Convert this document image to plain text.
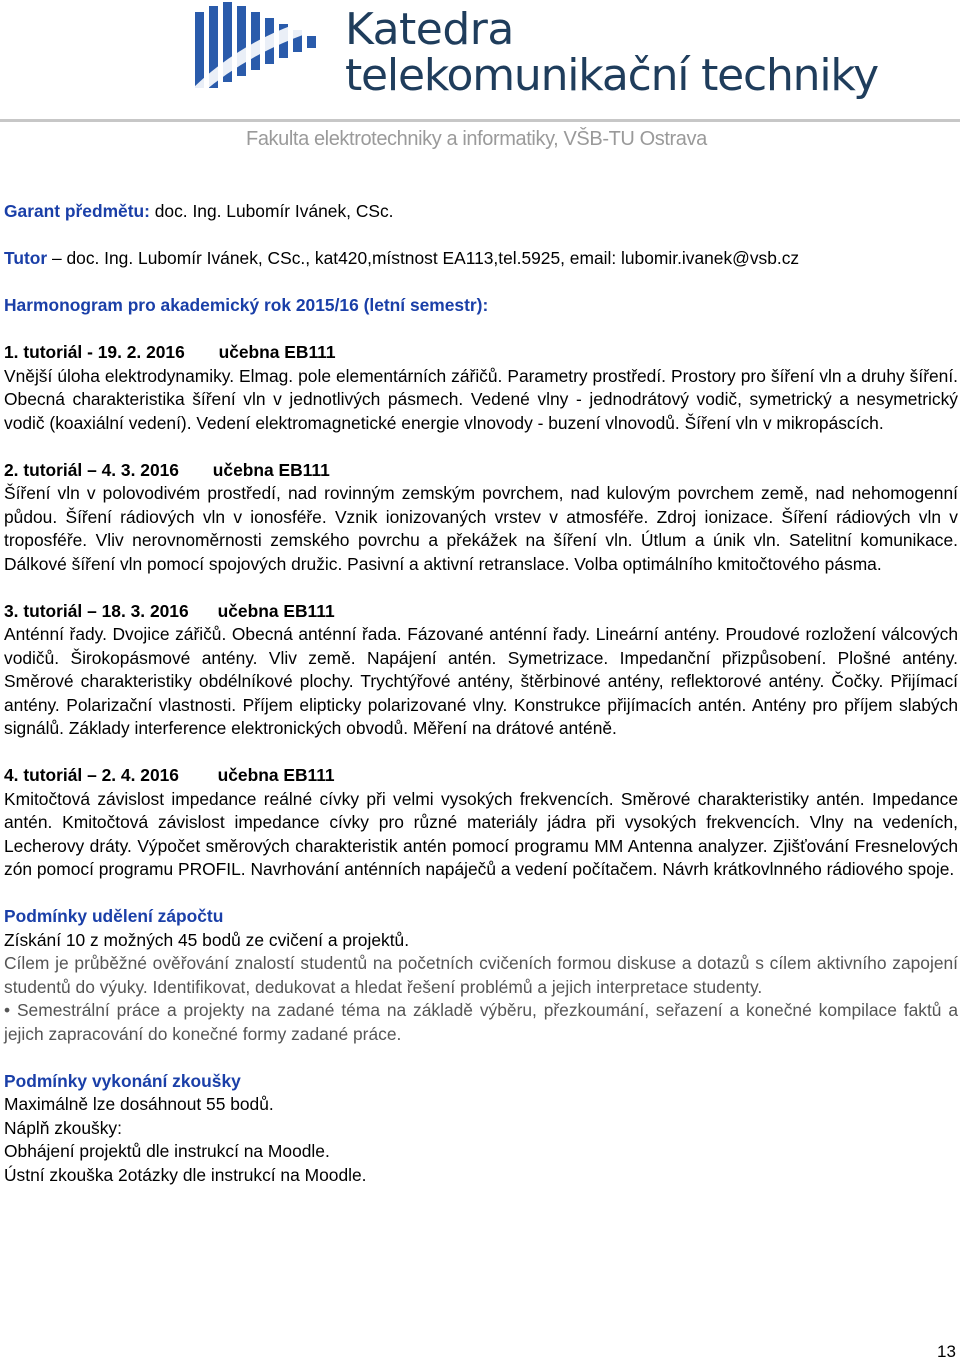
Katedra
telekomunikační techniky
Fakulta elektrotechniky a informatiky, VŠB-TU Ostrava

Garant předmětu: doc. Ing. Lubomír Ivánek, CSc.

Tutor – doc. Ing. Lubomír Ivánek, CSc., kat420,místnost EA113,tel.5925, email: lubomir.ivanek@vsb.cz

Harmonogram pro akademický rok 2015/16 (letní semestr):

1. tutoriál - 19. 2. 2016 učebna EB111

Vnější úloha elektrodynamiky. Elmag. pole elementárních zářičů. Parametry prostředí. Prostory pro šíření vln a druhy šíření. Obecná charakteristika šíření vln v jednotlivých pásmech. Vedené vlny - jednodrátový vodič, symetrický a nesymetrický vodič (koaxiální vedení). Vedení elektromagnetické energie vlnovody - buzení vlnovodů. Šíření vln v mikropáscích.

2. tutoriál – 4. 3. 2016 učebna EB111

Šíření vln v polovodivém prostředí, nad rovinným zemským povrchem, nad kulovým povrchem země, nad nehomogenní půdou. Šíření rádiových vln v ionosféře. Vznik ionizovaných vrstev v atmosféře. Zdroj ionizace. Šíření rádiových vln v troposféře. Vliv nerovnoměrnosti zemského povrchu a překážek na šíření vln. Útlum a únik vln. Satelitní komunikace. Dálkové šíření vln pomocí spojových družic. Pasivní a aktivní retranslace. Volba optimálního kmitočtového pásma.

3. tutoriál – 18. 3. 2016 učebna EB111

Anténní řady. Dvojice zářičů. Obecná anténní řada. Fázované anténní řady. Lineární antény. Proudové rozložení válcových vodičů. Širokopásmové antény. Vliv země. Napájení antén. Symetrizace. Impedanční přizpůsobení. Plošné antény. Směrové charakteristiky obdélníkové plochy. Trychtýřové antény, štěrbinové antény, reflektorové antény. Čočky. Přijímací antény. Polarizační vlastnosti. Příjem elipticky polarizované vlny. Konstrukce přijímacích antén. Antény pro příjem slabých signálů. Základy interference elektronických obvodů. Měření na drátové anténě.

4. tutoriál – 2. 4. 2016 učebna EB111

Kmitočtová závislost impedance reálné cívky při velmi vysokých frekvencích. Směrové charakteristiky antén. Impedance antén. Kmitočtová závislost impedance cívky pro různé materiály jádra při vysokých frekvencích. Vlny na vedeních, Lecherovy dráty. Výpočet směrových charakteristik antén pomocí programu MM Antenna analyzer. Zjišťování Fresnelových zón pomocí programu PROFIL. Navrhování anténních napáječů a vedení počítačem. Návrh krátkovlnného rádiového spoje.

Podmínky udělení zápočtu

Získání 10 z možných 45 bodů ze cvičení a projektů.

Cílem je průběžné ověřování znalostí studentů na početních cvičeních formou diskuse a dotazů s cílem aktivního zapojení studentů do výuky. Identifikovat, dedukovat a hledat řešení problémů a jejich interpretace studenty.

• Semestrální práce a projekty na zadané téma na základě výběru, přezkoumání, seřazení a konečné kompilace faktů a jejich zapracování do konečné formy zadané práce.

Podmínky vykonání zkoušky

Maximálně lze dosáhnout 55 bodů.

Náplň zkoušky:

Obhájení projektů dle instrukcí na Moodle.

Ústní zkouška 2otázky dle instrukcí na Moodle.

13
